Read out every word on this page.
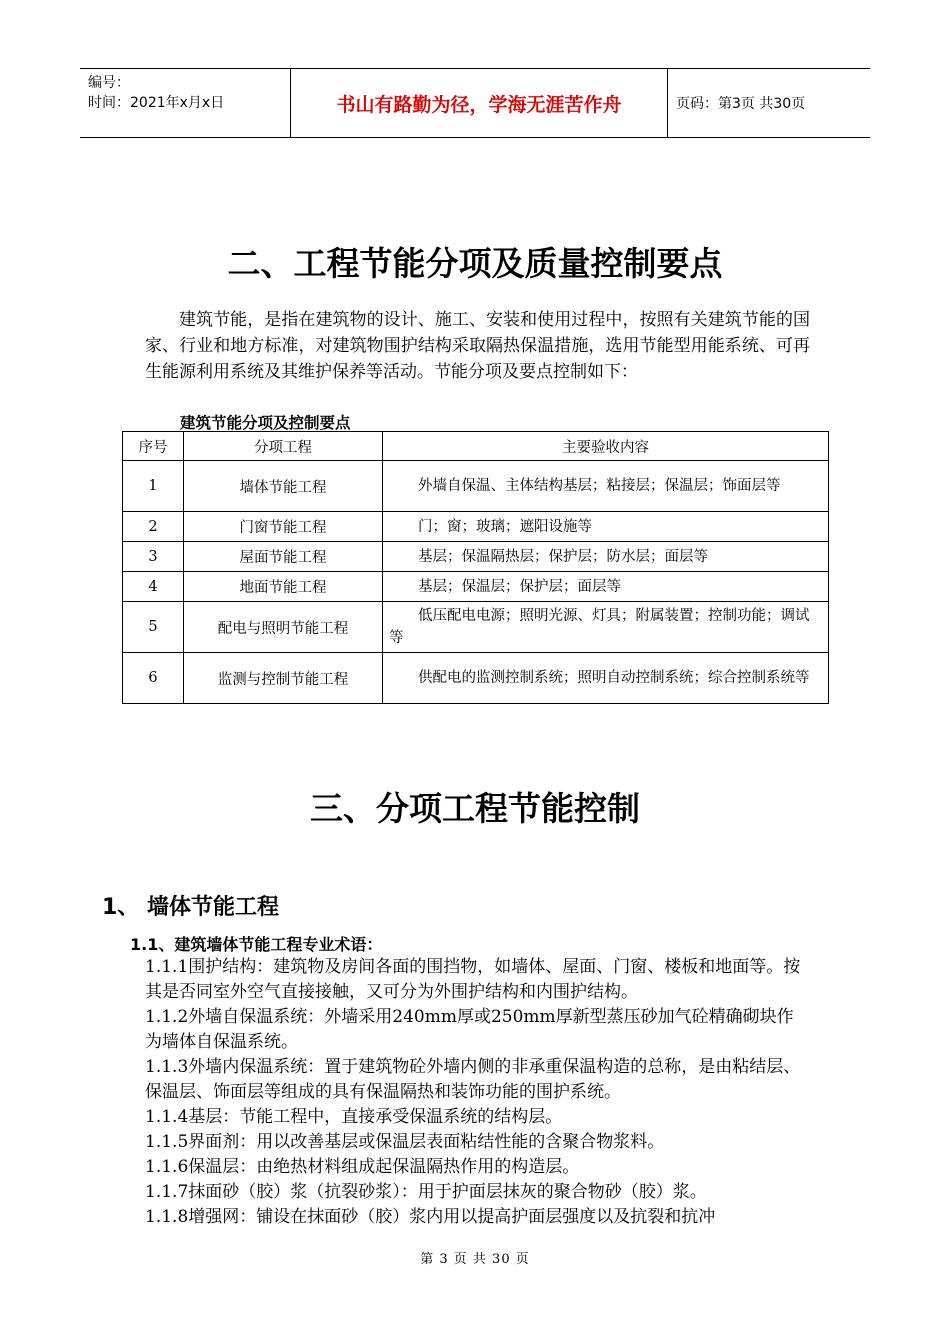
编号：
时间：2021年x月x日	书山有路勤为径，学海无涯苦作舟	页码：第3页 共30页
二、工程节能分项及质量控制要点
建筑节能，是指在建筑物的设计、施工、安装和使用过程中，按照有关建筑节能的国家、行业和地方标准，对建筑物围护结构采取隔热保温措施，选用节能型用能系统、可再生能源利用系统及其维护保养等活动。节能分项及要点控制如下：
建筑节能分项及控制要点
序号	分项工程	主要验收内容
1	墙体节能工程	外墙自保温、主体结构基层；粘接层；保温层；饰面层等

2	门窗节能工程	门；窗；玻璃；遮阳设施等

3	屋面节能工程	基层；保温隔热层；保护层；防水层；面层等

4	地面节能工程	基层；保温层；保护层；面层等

5	配电与照明节能工程	低压配电电源；照明光源、灯具；附属装置；控制功能；调试等

6	监测与控制节能工程	供配电的监测控制系统；照明自动控制系统；综合控制系统等
三、分项工程节能控制
1、 墙体节能工程
1.1、建筑墙体节能工程专业术语：
1.1.1围护结构：建筑物及房间各面的围挡物，如墙体、屋面、门窗、楼板和地面等。按其是否同室外空气直接接触，又可分为外围护结构和内围护结构。
1.1.2外墙自保温系统：外墙采用240mm厚或250mm厚新型蒸压砂加气砼精确砌块作为墙体自保温系统。
1.1.3外墙内保温系统：置于建筑物砼外墙内侧的非承重保温构造的总称，是由粘结层、保温层、饰面层等组成的具有保温隔热和装饰功能的围护系统。
1.1.4基层：节能工程中，直接承受保温系统的结构层。
1.1.5界面剂：用以改善基层或保温层表面粘结性能的含聚合物浆料。
1.1.6保温层：由绝热材料组成起保温隔热作用的构造层。
1.1.7抹面砂（胶）浆（抗裂砂浆）：用于护面层抹灰的聚合物砂（胶）浆。
1.1.8增强网：铺设在抹面砂（胶）浆内用以提高护面层强度以及抗裂和抗冲
第 3 页 共 30 页
